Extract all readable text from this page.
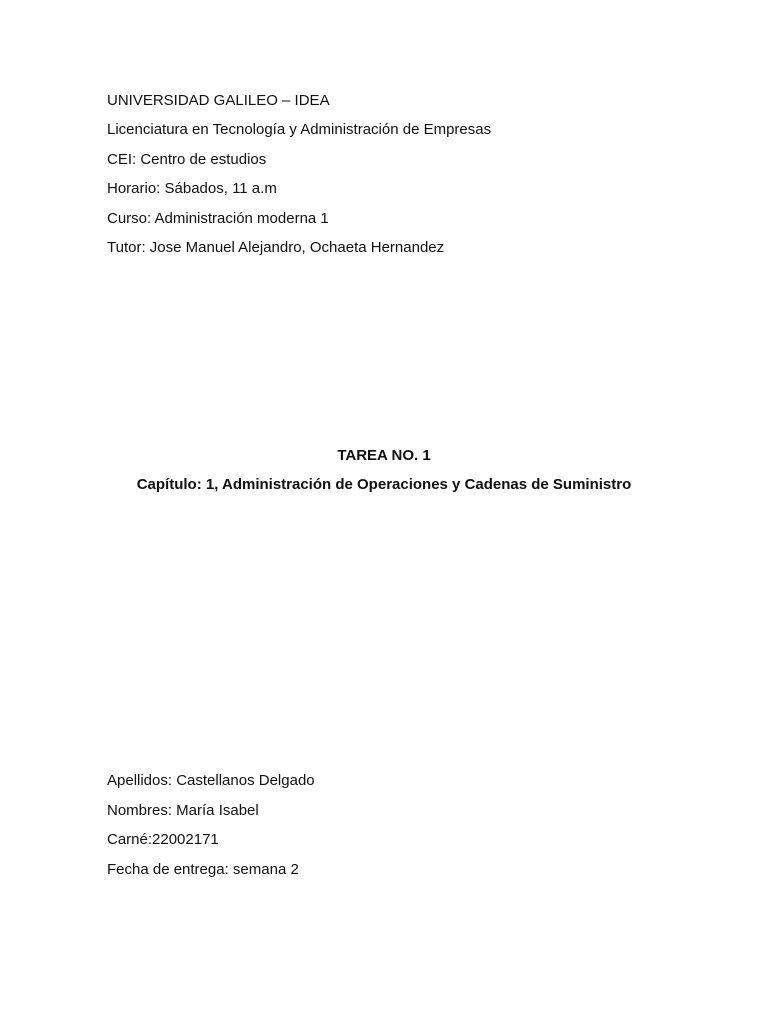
UNIVERSIDAD GALILEO – IDEA
Licenciatura en Tecnología y Administración de Empresas
CEI: Centro de estudios
Horario: Sábados, 11 a.m
Curso: Administración moderna 1
Tutor: Jose Manuel Alejandro, Ochaeta Hernandez
TAREA NO. 1
Capítulo: 1, Administración de Operaciones y Cadenas de Suministro
Apellidos: Castellanos Delgado
Nombres: María Isabel
Carné:22002171
Fecha de entrega: semana 2
